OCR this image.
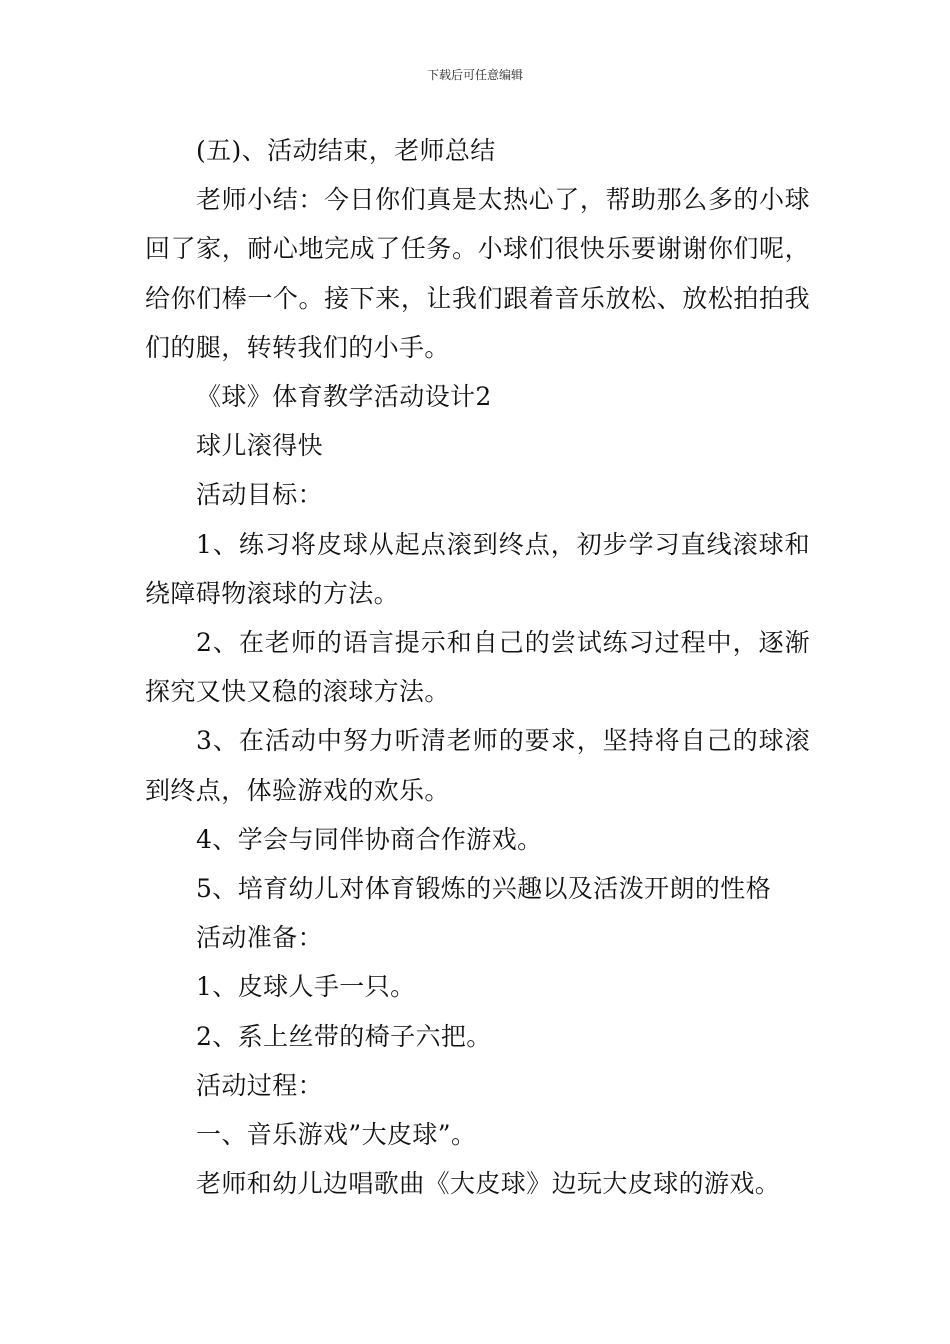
下载后可任意编辑

(五)、活动结束，老师总结

老师小结：今日你们真是太热心了，帮助那么多的小球回了家，耐心地完成了任务。小球们很快乐要谢谢你们呢，给你们棒一个。接下来，让我们跟着音乐放松、放松拍拍我们的腿，转转我们的小手。

《球》体育教学活动设计2

球儿滚得快

活动目标：

1、练习将皮球从起点滚到终点，初步学习直线滚球和绕障碍物滚球的方法。

2、在老师的语言提示和自己的尝试练习过程中，逐渐探究又快又稳的滚球方法。

3、在活动中努力听清老师的要求，坚持将自己的球滚到终点，体验游戏的欢乐。

4、学会与同伴协商合作游戏。

5、培育幼儿对体育锻炼的兴趣以及活泼开朗的性格

活动准备：

1、皮球人手一只。

2、系上丝带的椅子六把。

活动过程：

一、音乐游戏”大皮球”。

老师和幼儿边唱歌曲《大皮球》边玩大皮球的游戏。
